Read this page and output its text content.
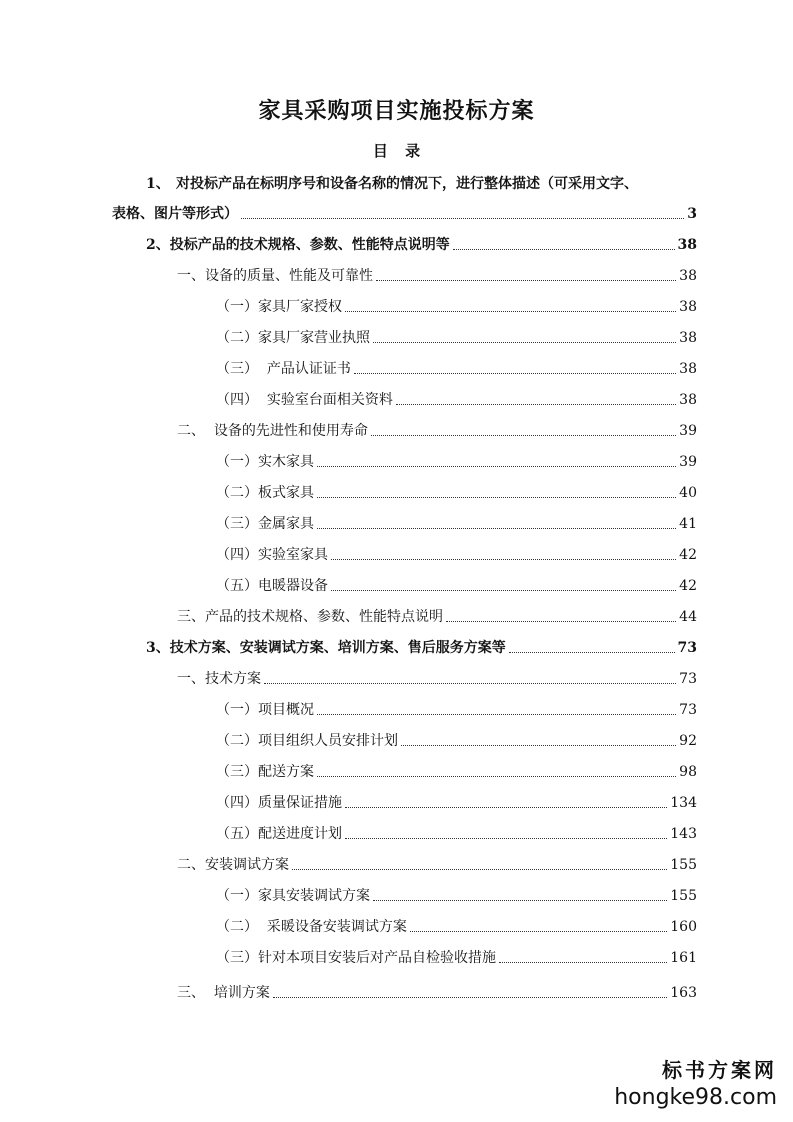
家具采购项目实施投标方案
目 录
1、 对投标产品在标明序号和设备名称的情况下，进行整体描述（可采用文字、
表格、图片等形式）	3
2、投标产品的技术规格、参数、性能特点说明等	38
一、设备的质量、性能及可靠性	38
（一）家具厂家授权	38
（二）家具厂家营业执照	38
（三）  产品认证证书	38
（四）  实验室台面相关资料	38
二、  设备的先进性和使用寿命	39
（一）实木家具	39
（二）板式家具	40
（三）金属家具	41
（四）实验室家具	42
（五）电暖器设备	42
三、产品的技术规格、参数、性能特点说明	44
3、技术方案、安装调试方案、培训方案、售后服务方案等	73
一、技术方案	73
（一）项目概况	73
（二）项目组织人员安排计划	92
（三）配送方案	98
（四）质量保证措施	134
（五）配送进度计划	143
二、安装调试方案	155
（一）家具安装调试方案	155
（二）  采暖设备安装调试方案	160
（三）针对本项目安装后对产品自检验收措施	161
三、  培训方案	163
标书方案网
hongke98.com
